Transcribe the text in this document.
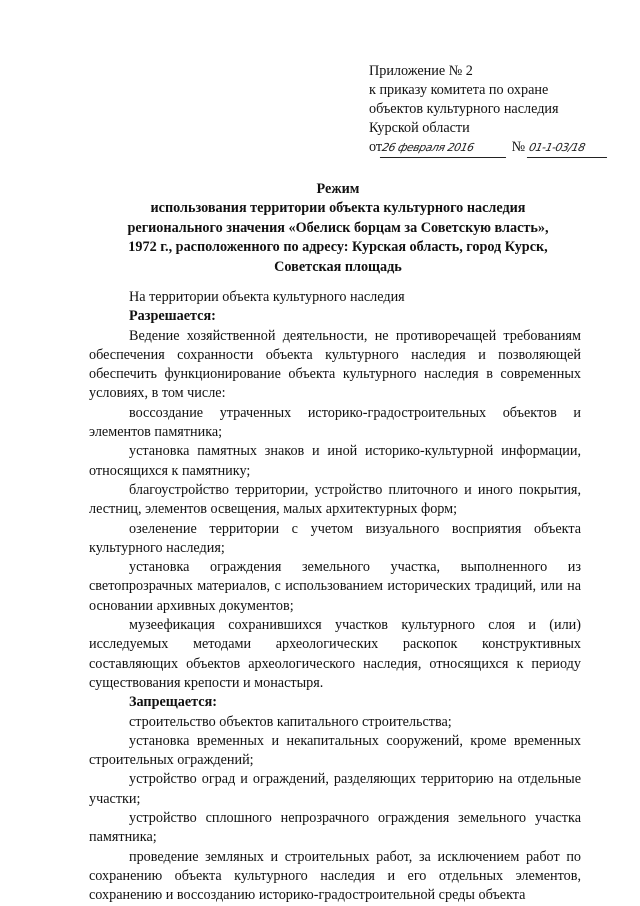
Приложение № 2
к приказу комитета по охране
объектов культурного наследия
Курской области
от26 февраля 2016	№ 01-1-03/18
Режим
использования территории объекта культурного наследия
регионального значения «Обелиск борцам за Советскую власть»,
1972 г., расположенного по адресу: Курская область, город Курск,
Советская площадь

На территории объекта культурного наследия

Разрешается:

Ведение хозяйственной деятельности, не противоречащей требованиям обеспечения сохранности объекта культурного наследия и позволяющей обеспечить функционирование объекта культурного наследия в современных условиях, в том числе:

воссоздание утраченных историко-градостроительных объектов и элементов памятника;

установка памятных знаков и иной историко-культурной информации, относящихся к памятнику;

благоустройство территории, устройство плиточного и иного покрытия, лестниц, элементов освещения, малых архитектурных форм;

озеленение территории с учетом визуального восприятия объекта культурного наследия;

установка ограждения земельного участка, выполненного из светопрозрачных материалов, с использованием исторических традиций, или на основании архивных документов;

музеефикация сохранившихся участков культурного слоя и (или) исследуемых методами археологических раскопок конструктивных составляющих объектов археологического наследия, относящихся к периоду существования крепости и монастыря.

Запрещается:

строительство объектов капитального строительства;

установка временных и некапитальных сооружений, кроме временных строительных ограждений;

устройство оград и ограждений, разделяющих территорию на отдельные участки;

устройство сплошного непрозрачного ограждения земельного участка памятника;

проведение земляных и строительных работ, за исключением работ по сохранению объекта культурного наследия и его отдельных элементов, сохранению и воссозданию историко-градостроительной среды объекта
